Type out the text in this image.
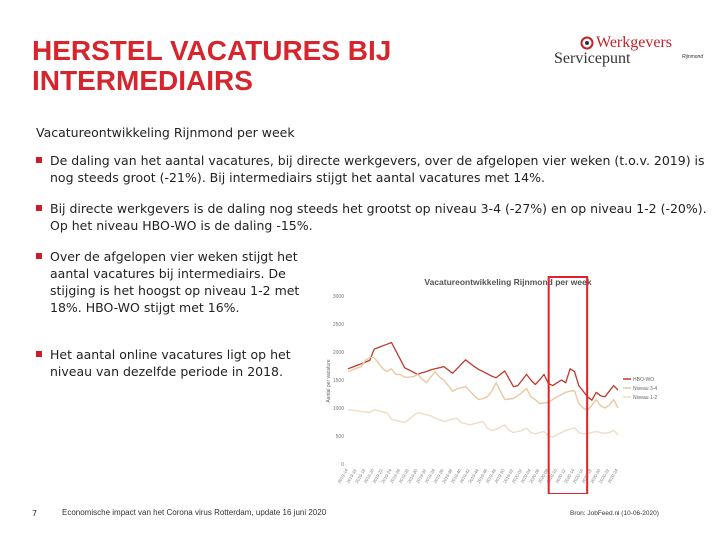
HERSTEL VACATURES BIJ
INTERMEDIAIRS
Werkgevers
Servicepunt	Rijnmond
Vacatureontwikkeling Rijnmond per week
De daling van het aantal vacatures, bij directe werkgevers, over de afgelopen vier weken (t.o.v. 2019) is nog steeds groot (-21%). Bij intermediairs stijgt het aantal vacatures met 14%.
Bij directe werkgevers is de daling nog steeds het grootst op niveau 3-4 (-27%) en op niveau 1-2 (-20%). Op het niveau HBO-WO is de daling -15%.
Over de afgelopen vier weken stijgt het aantal vacatures bij intermediairs. De stijging is het hoogst op niveau 1-2 met 18%. HBO-WO stijgt met 16%.
Het aantal online vacatures ligt op het niveau van dezelfde periode in 2018.
Vacatureontwikkeling Rijnmond per week
Aantal per vacature
0
500
1000
1500
2000
2500
3000
2019-14
2019-16
2019-18
2019-20
2019-22
2019-24
2019-26
2019-28
2019-30
2019-32
2019-34
2019-36
2019-38
2019-40
2019-42
2019-44
2019-46
2019-48
2019-50
2019-52
2020-02
2020-04
2020-06
2020-08
2020-10
2020-12
2020-14
2020-16
2020-18
2020-20
2020-22
2020-24
HBO-WO
Niveau 3-4
Niveau 1-2
7	Economische impact van het Corona virus Rotterdam, update 16 juni 2020	Bron: JobFeed.nl (10-06-2020)
